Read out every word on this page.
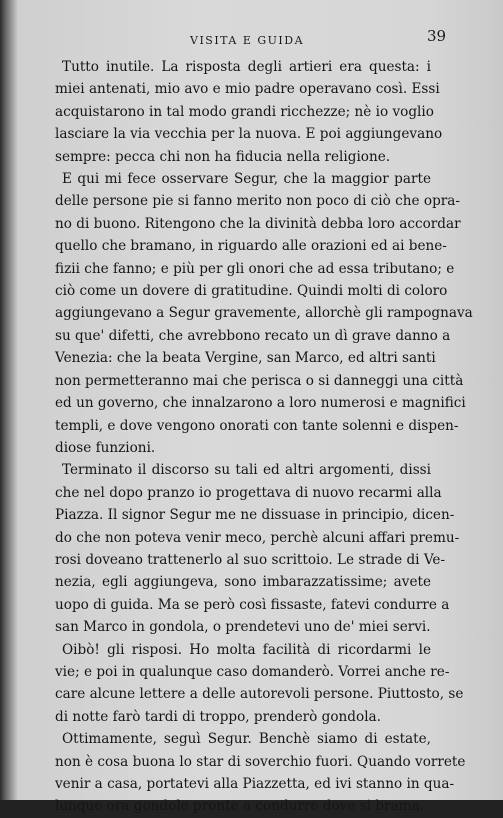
VISITA E GUIDA	39
Tutto inutile. La risposta degli artieri era questa: i
miei antenati, mio avo e mio padre operavano così. Essi
acquistarono in tal modo grandi ricchezze; nè io voglio
lasciare la via vecchia per la nuova. E poi aggiungevano
sempre: pecca chi non ha fiducia nella religione.
E qui mi fece osservare Segur, che la maggior parte
delle persone pie si fanno merito non poco di ciò che opra-
no di buono. Ritengono che la divinità debba loro accordar
quello che bramano, in riguardo alle orazioni ed ai bene-
fizii che fanno; e più per gli onori che ad essa tributano; e
ciò come un dovere di gratitudine. Quindi molti di coloro
aggiungevano a Segur gravemente, allorchè gli rampognava
su que' difetti, che avrebbono recato un dì grave danno a
Venezia: che la beata Vergine, san Marco, ed altri santi
non permetteranno mai che perisca o si danneggi una città
ed un governo, che innalzarono a loro numerosi e magnifici
templi, e dove vengono onorati con tante solenni e dispen-
diose funzioni.
Terminato il discorso su tali ed altri argomenti, dissi
che nel dopo pranzo io progettava di nuovo recarmi alla
Piazza. Il signor Segur me ne dissuase in principio, dicen-
do che non poteva venir meco, perchè alcuni affari premu-
rosi doveano trattenerlo al suo scrittoio. Le strade di Ve-
nezia, egli aggiungeva, sono imbarazzatissime; avete
uopo di guida. Ma se però così fissaste, fatevi condurre a
san Marco in gondola, o prendetevi uno de' miei servi.
Oibò! gli risposi. Ho molta facilità di ricordarmi le
vie; e poi in qualunque caso domanderò. Vorrei anche re-
care alcune lettere a delle autorevoli persone. Piuttosto, se
di notte farò tardi di troppo, prenderò gondola.
Ottimamente, seguì Segur. Benchè siamo di estate,
non è cosa buona lo star di soverchio fuori. Quando vorrete
venir a casa, portatevi alla Piazzetta, ed ivi stanno in qua-
lunque ora gondole pronte a condurre dove si brama.
